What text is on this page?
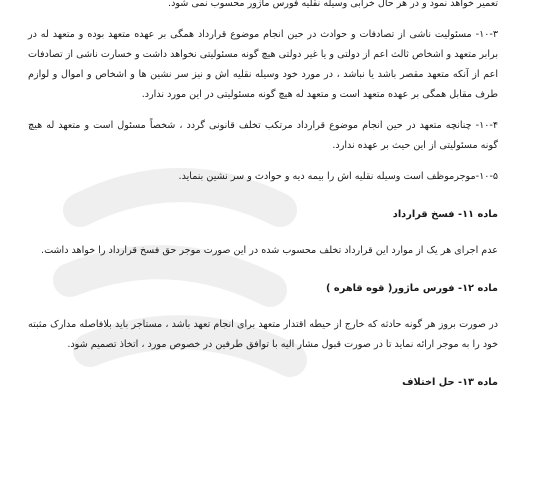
تعمیر خواهد نمود و در هر حال خرابی وسیله نقلیه فورس ماژور محسوب نمی شود.

۱۰-۳- مسئولیت ناشی از تصادفات و حوادث در حین انجام موضوع قرارداد همگی بر عهده متعهد بوده و متعهد له در برابر متعهد و اشخاص ثالث اعم از دولتی و یا غیر دولتی هیچ گونه مسئولیتی نخواهد داشت و خسارت ناشی از تصادفات اعم از آنکه متعهد مقصر باشد یا نباشد ، در مورد خود وسیله نقلیه اش و نیز سر نشین ها و اشخاص و اموال و لوازم طرف مقابل همگی بر عهده متعهد است و متعهد له هیچ گونه مسئولیتی در این مورد ندارد.

۱۰-۴- چنانچه متعهد در حین انجام موضوع قرارداد مرتکب تخلف قانونی گردد ، شخصاً مسئول است و متعهد له هیچ گونه مسئولیتی از این حیث بر عهده ندارد.

۱۰-۵-موجرموظف است وسیله نقلیه اش را بیمه دیه و حوادث و سر نشین بنماید.

ماده ۱۱- فسخ قرارداد

عدم اجرای هر یک از موارد این قرارداد تخلف محسوب شده در این صورت موجر حق فسخ قرارداد را خواهد داشت.

ماده ۱۲- فورس ماژور( قوه قاهره )

در صورت بروز هر گونه حادثه که خارج از حیطه اقتدار متعهد برای انجام تعهد باشد ، مستاجر باید بلافاصله مدارک مثبته خود را به موجر ارائه نماید تا در صورت قبول مشار الیه با توافق طرفین در خصوص مورد ، اتخاذ تصمیم شود.

ماده ۱۳- حل اختلاف
